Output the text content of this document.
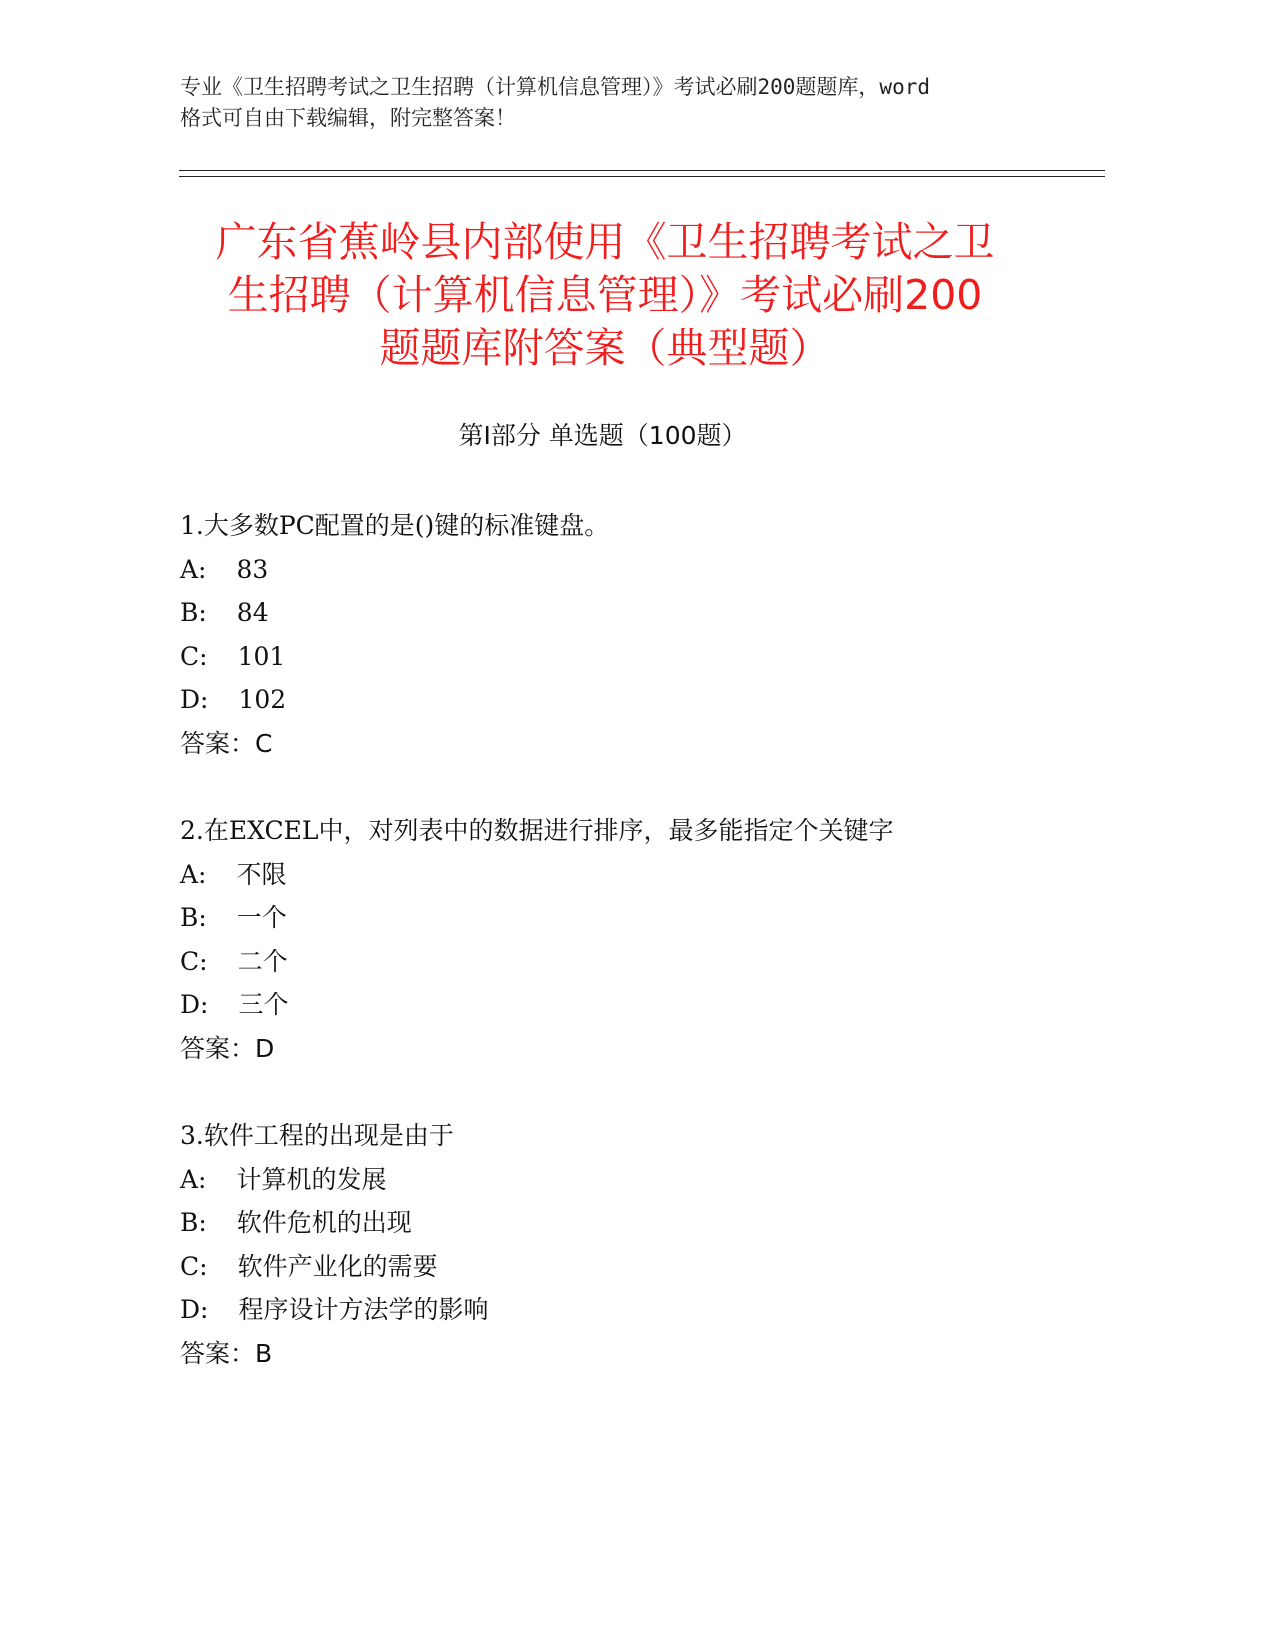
专业《卫生招聘考试之卫生招聘（计算机信息管理）》考试必刷200题题库，word
格式可自由下载编辑，附完整答案！
广东省蕉岭县内部使用《卫生招聘考试之卫
生招聘（计算机信息管理）》考试必刷200
题题库附答案（典型题）
第Ⅰ部分 单选题（100题）
1.大多数PC配置的是()键的标准键盘。
A: 83
B: 84
C: 101
D: 102
答案：C
2.在EXCEL中，对列表中的数据进行排序，最多能指定个关键字
A: 不限
B: 一个
C: 二个
D: 三个
答案：D
3.软件工程的出现是由于
A: 计算机的发展
B: 软件危机的出现
C: 软件产业化的需要
D: 程序设计方法学的影响
答案：B
